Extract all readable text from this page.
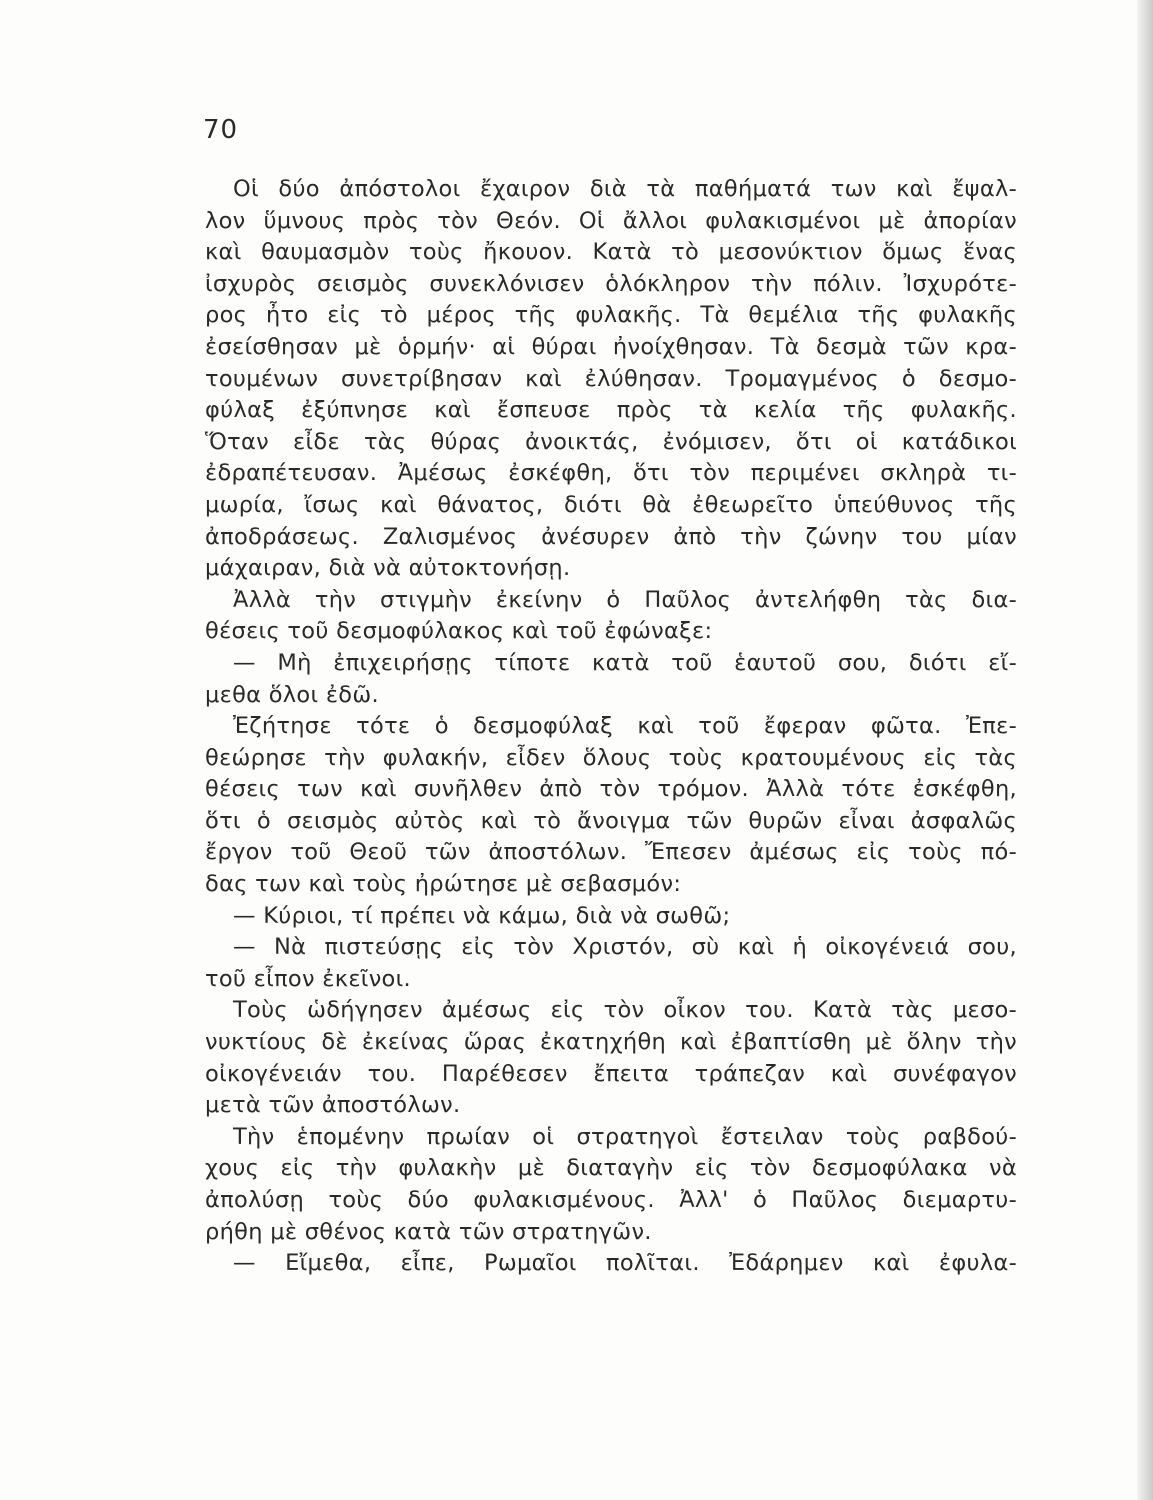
70
Οἱ δύο ἀπόστολοι ἔχαιρον διὰ τὰ παθήματά των καὶ ἔψαλ-
λον ὕμνους πρὸς τὸν Θεόν. Οἱ ἄλλοι φυλακισμένοι μὲ ἀπορίαν
καὶ θαυμασμὸν τοὺς ἤκουον. Κατὰ τὸ μεσονύκτιον ὅμως ἕνας
ἰσχυρὸς σεισμὸς συνεκλόνισεν ὁλόκληρον τὴν πόλιν. Ἰσχυρότε-
ρος ἦτο εἰς τὸ μέρος τῆς φυλακῆς. Τὰ θεμέλια τῆς φυλακῆς
ἐσείσθησαν μὲ ὁρμήν· αἱ θύραι ἠνοίχθησαν. Τὰ δεσμὰ τῶν κρα-
τουμένων συνετρίβησαν καὶ ἐλύθησαν. Τρομαγμένος ὁ δεσμο-
φύλαξ ἐξύπνησε καὶ ἔσπευσε πρὸς τὰ κελία τῆς φυλακῆς.
Ὅταν εἶδε τὰς θύρας ἀνοικτάς, ἐνόμισεν, ὅτι οἱ κατάδικοι
ἐδραπέτευσαν. Ἀμέσως ἐσκέφθη, ὅτι τὸν περιμένει σκληρὰ τι-
μωρία, ἴσως καὶ θάνατος, διότι θὰ ἐθεωρεῖτο ὑπεύθυνος τῆς
ἀποδράσεως. Ζαλισμένος ἀνέσυρεν ἀπὸ τὴν ζώνην του μίαν
μάχαιραν, διὰ νὰ αὐτοκτονήσῃ.
Ἀλλὰ τὴν στιγμὴν ἐκείνην ὁ Παῦλος ἀντελήφθη τὰς δια-
θέσεις τοῦ δεσμοφύλακος καὶ τοῦ ἐφώναξε:
— Μὴ ἐπιχειρήσῃς τίποτε κατὰ τοῦ ἑαυτοῦ σου, διότι εἴ-
μεθα ὅλοι ἐδῶ.
Ἐζήτησε τότε ὁ δεσμοφύλαξ καὶ τοῦ ἔφεραν φῶτα. Ἐπε-
θεώρησε τὴν φυλακήν, εἶδεν ὅλους τοὺς κρατουμένους εἰς τὰς
θέσεις των καὶ συνῆλθεν ἀπὸ τὸν τρόμον. Ἀλλὰ τότε ἐσκέφθη,
ὅτι ὁ σεισμὸς αὐτὸς καὶ τὸ ἄνοιγμα τῶν θυρῶν εἶναι ἀσφαλῶς
ἔργον τοῦ Θεοῦ τῶν ἀποστόλων. Ἔπεσεν ἀμέσως εἰς τοὺς πό-
δας των καὶ τοὺς ἠρώτησε μὲ σεβασμόν:
— Κύριοι, τί πρέπει νὰ κάμω, διὰ νὰ σωθῶ;
— Νὰ πιστεύσῃς εἰς τὸν Χριστόν, σὺ καὶ ἡ οἰκογένειά σου,
τοῦ εἶπον ἐκεῖνοι.
Τοὺς ὡδήγησεν ἀμέσως εἰς τὸν οἶκον του. Κατὰ τὰς μεσο-
νυκτίους δὲ ἐκείνας ὥρας ἐκατηχήθη καὶ ἐβαπτίσθη μὲ ὅλην τὴν
οἰκογένειάν του. Παρέθεσεν ἔπειτα τράπεζαν καὶ συνέφαγον
μετὰ τῶν ἀποστόλων.
Τὴν ἑπομένην πρωίαν οἱ στρατηγοὶ ἔστειλαν τοὺς ραβδού-
χους εἰς τὴν φυλακὴν μὲ διαταγὴν εἰς τὸν δεσμοφύλακα νὰ
ἀπολύσῃ τοὺς δύο φυλακισμένους. Ἀλλ' ὁ Παῦλος διεμαρτυ-
ρήθη μὲ σθένος κατὰ τῶν στρατηγῶν.
— Εἴμεθα, εἶπε, Ρωμαῖοι πολῖται. Ἐδάρημεν καὶ ἐφυλα-
